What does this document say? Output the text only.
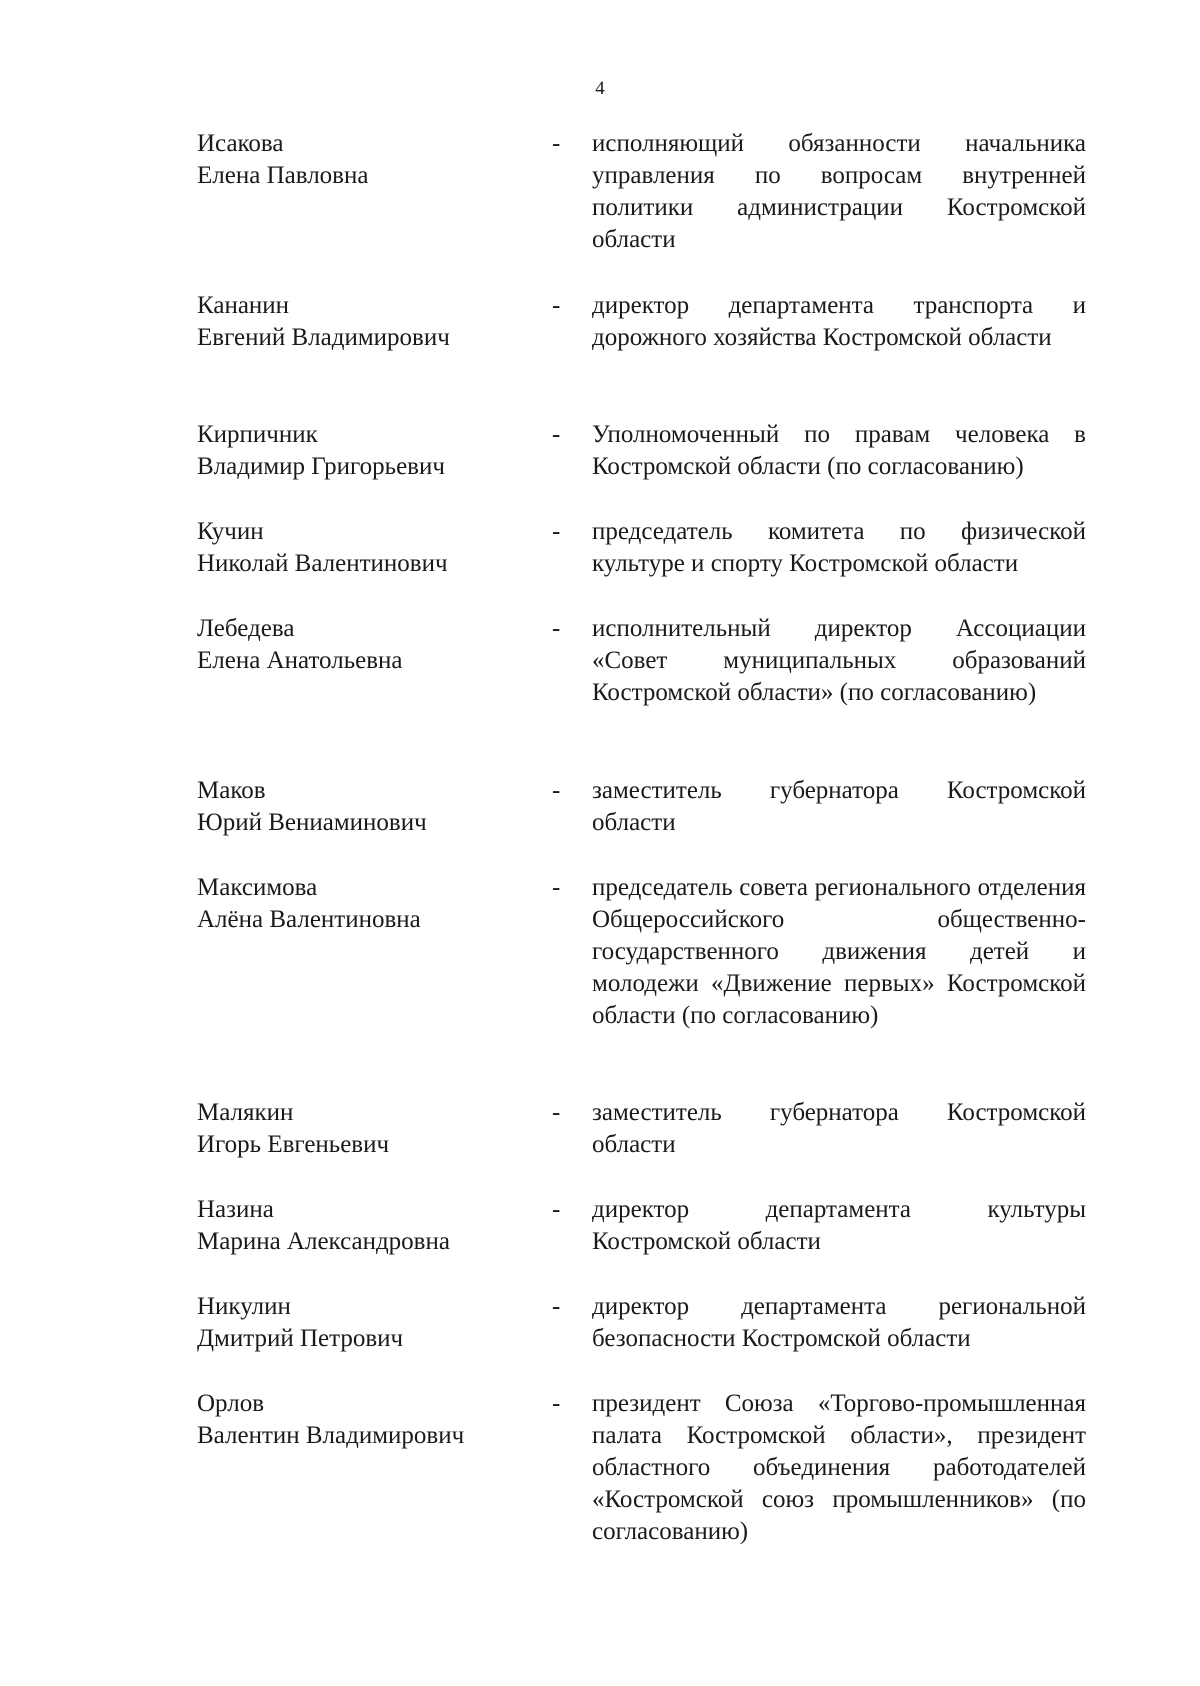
4
Исакова
Елена Павловна
- исполняющий обязанности начальника управления по вопросам внутренней политики администрации Костромской области
Кананин
Евгений Владимирович
- директор департамента транспорта и дорожного хозяйства Костромской области
Кирпичник
Владимир Григорьевич
- Уполномоченный по правам человека в Костромской области (по согласованию)
Кучин
Николай Валентинович
- председатель комитета по физической культуре и спорту Костромской области
Лебедева
Елена Анатольевна
- исполнительный директор Ассоциации «Совет муниципальных образований Костромской области» (по согласованию)
Маков
Юрий Вениаминович
- заместитель губернатора Костромской области
Максимова
Алёна Валентиновна
- председатель совета регионального отделения Общероссийского общественно-государственного движения детей и молодежи «Движение первых» Костромской области (по согласованию)
Малякин
Игорь Евгеньевич
- заместитель губернатора Костромской области
Назина
Марина Александровна
- директор департамента культуры Костромской области
Никулин
Дмитрий Петрович
- директор департамента региональной безопасности Костромской области
Орлов
Валентин Владимирович
- президент Союза «Торгово-промышленная палата Костромской области», президент областного объединения работодателей «Костромской союз промышленников» (по согласованию)
